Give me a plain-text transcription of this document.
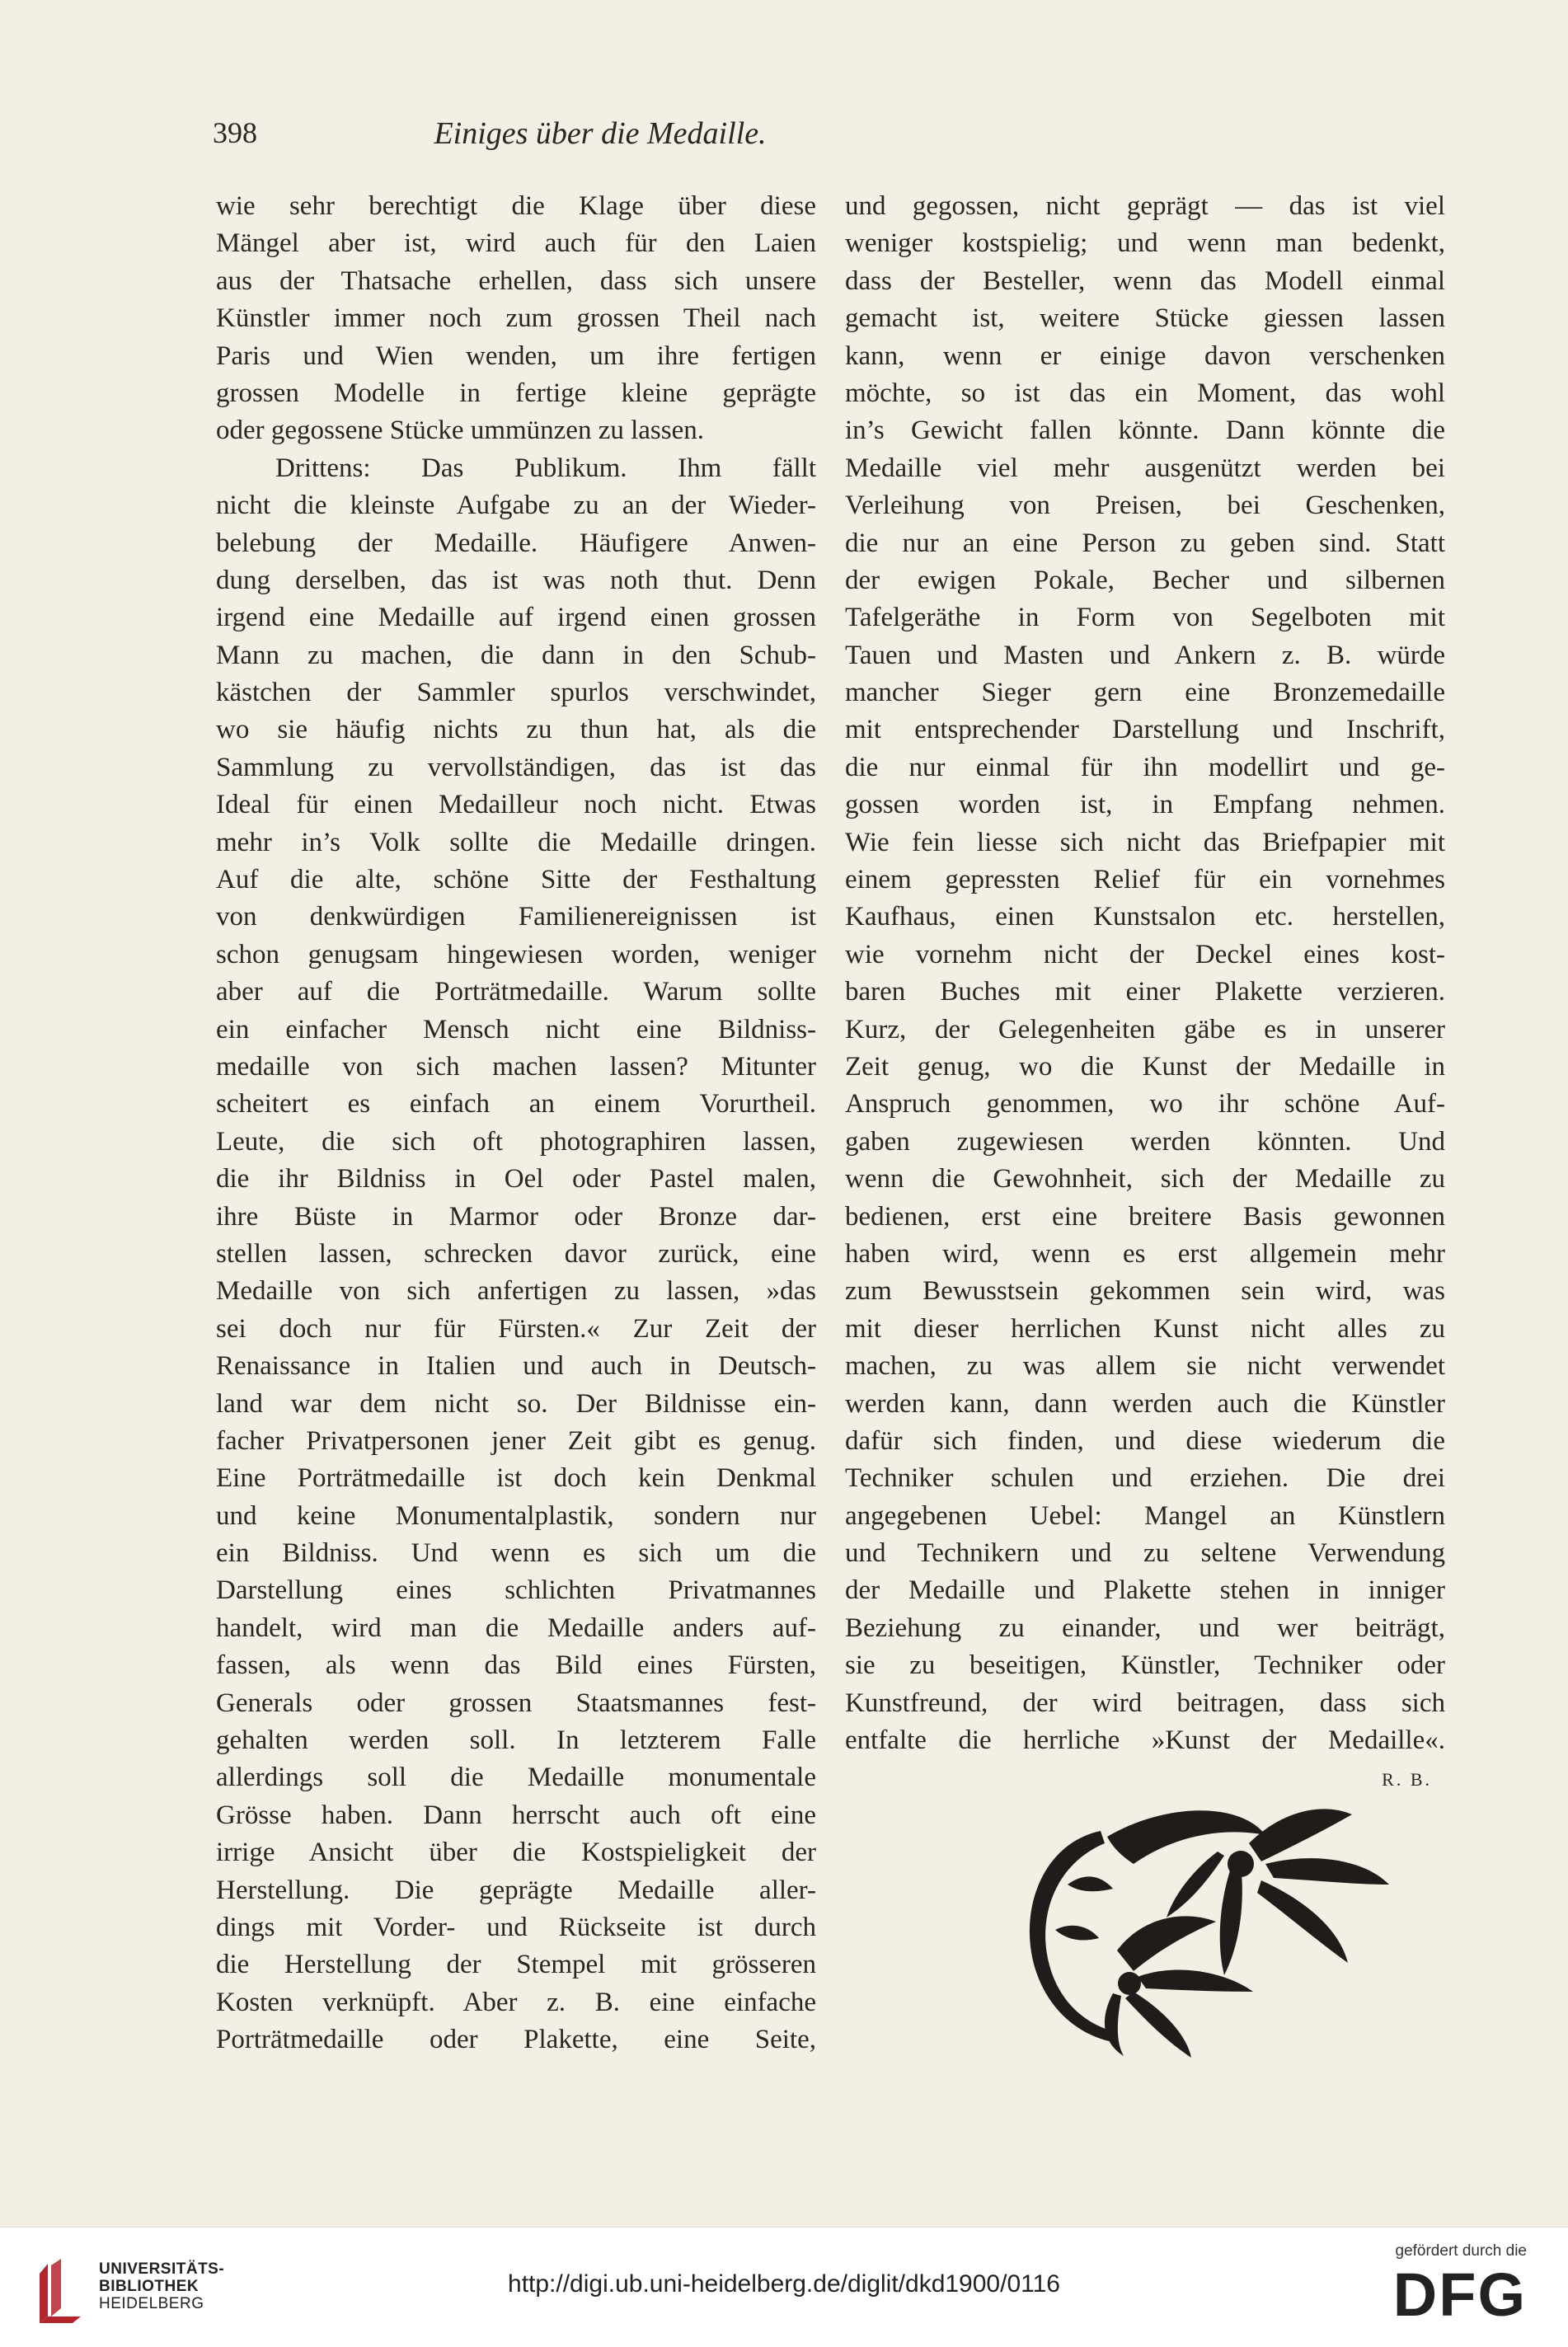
398	Einiges über die Medaille.
wie sehr berechtigt die Klage über diese
Mängel aber ist, wird auch für den Laien
aus der Thatsache erhellen, dass sich unsere
Künstler immer noch zum grossen Theil nach
Paris und Wien wenden, um ihre fertigen
grossen Modelle in fertige kleine geprägte
oder gegossene Stücke ummünzen zu lassen.
Drittens: Das Publikum. Ihm fällt
nicht die kleinste Aufgabe zu an der Wieder-
belebung der Medaille. Häufigere Anwen-
dung derselben, das ist was noth thut. Denn
irgend eine Medaille auf irgend einen grossen
Mann zu machen, die dann in den Schub-
kästchen der Sammler spurlos verschwindet,
wo sie häufig nichts zu thun hat, als die
Sammlung zu vervollständigen, das ist das
Ideal für einen Medailleur noch nicht. Etwas
mehr in’s Volk sollte die Medaille dringen.
Auf die alte, schöne Sitte der Festhaltung
von denkwürdigen Familienereignissen ist
schon genugsam hingewiesen worden, weniger
aber auf die Porträtmedaille. Warum sollte
ein einfacher Mensch nicht eine Bildniss-
medaille von sich machen lassen? Mitunter
scheitert es einfach an einem Vorurtheil.
Leute, die sich oft photographiren lassen,
die ihr Bildniss in Oel oder Pastel malen,
ihre Büste in Marmor oder Bronze dar-
stellen lassen, schrecken davor zurück, eine
Medaille von sich anfertigen zu lassen, »das
sei doch nur für Fürsten.« Zur Zeit der
Renaissance in Italien und auch in Deutsch-
land war dem nicht so. Der Bildnisse ein-
facher Privatpersonen jener Zeit gibt es genug.
Eine Porträtmedaille ist doch kein Denkmal
und keine Monumentalplastik, sondern nur
ein Bildniss. Und wenn es sich um die
Darstellung eines schlichten Privatmannes
handelt, wird man die Medaille anders auf-
fassen, als wenn das Bild eines Fürsten,
Generals oder grossen Staatsmannes fest-
gehalten werden soll. In letzterem Falle
allerdings soll die Medaille monumentale
Grösse haben. Dann herrscht auch oft eine
irrige Ansicht über die Kostspieligkeit der
Herstellung. Die geprägte Medaille aller-
dings mit Vorder- und Rückseite ist durch
die Herstellung der Stempel mit grösseren
Kosten verknüpft. Aber z. B. eine einfache
Porträtmedaille oder Plakette, eine Seite,
und gegossen, nicht geprägt — das ist viel
weniger kostspielig; und wenn man bedenkt,
dass der Besteller, wenn das Modell einmal
gemacht ist, weitere Stücke giessen lassen
kann, wenn er einige davon verschenken
möchte, so ist das ein Moment, das wohl
in’s Gewicht fallen könnte. Dann könnte die
Medaille viel mehr ausgenützt werden bei
Verleihung von Preisen, bei Geschenken,
die nur an eine Person zu geben sind. Statt
der ewigen Pokale, Becher und silbernen
Tafelgeräthe in Form von Segelboten mit
Tauen und Masten und Ankern z. B. würde
mancher Sieger gern eine Bronzemedaille
mit entsprechender Darstellung und Inschrift,
die nur einmal für ihn modellirt und ge-
gossen worden ist, in Empfang nehmen.
Wie fein liesse sich nicht das Briefpapier mit
einem gepressten Relief für ein vornehmes
Kaufhaus, einen Kunstsalon etc. herstellen,
wie vornehm nicht der Deckel eines kost-
baren Buches mit einer Plakette verzieren.
Kurz, der Gelegenheiten gäbe es in unserer
Zeit genug, wo die Kunst der Medaille in
Anspruch genommen, wo ihr schöne Auf-
gaben zugewiesen werden könnten. Und
wenn die Gewohnheit, sich der Medaille zu
bedienen, erst eine breitere Basis gewonnen
haben wird, wenn es erst allgemein mehr
zum Bewusstsein gekommen sein wird, was
mit dieser herrlichen Kunst nicht alles zu
machen, zu was allem sie nicht verwendet
werden kann, dann werden auch die Künstler
dafür sich finden, und diese wiederum die
Techniker schulen und erziehen. Die drei
angegebenen Uebel: Mangel an Künstlern
und Technikern und zu seltene Verwendung
der Medaille und Plakette stehen in inniger
Beziehung zu einander, und wer beiträgt,
sie zu beseitigen, Künstler, Techniker oder
Kunstfreund, der wird beitragen, dass sich
entfalte die herrliche »Kunst der Medaille«.
R. B.
UNIVERSITÄTS-
BIBLIOTHEK
HEIDELBERG
http://digi.ub.uni-heidelberg.de/diglit/dkd1900/0116
gefördert durch die
DFG
